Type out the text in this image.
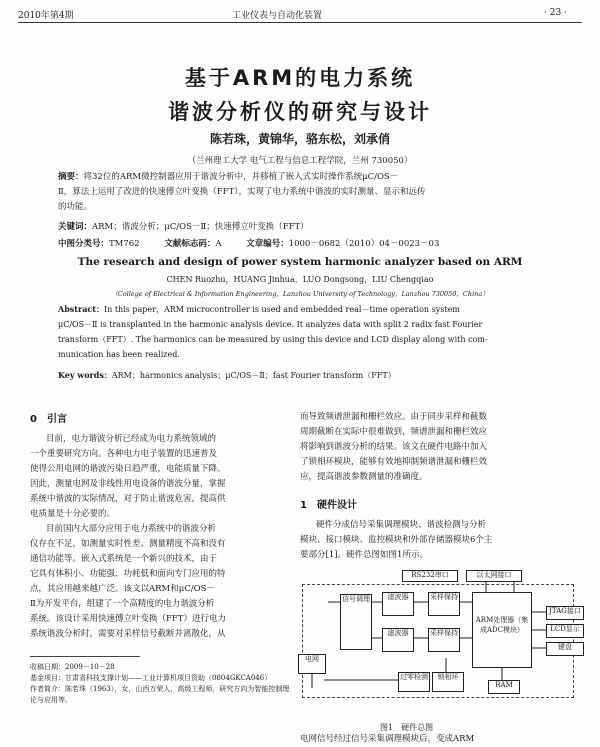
2010年第4期	工业仪表与自动化装置	· 23 ·
基于ARM的电力系统
谐波分析仪的研究与设计
陈若珠，黄锦华，骆东松，刘承俏
（兰州理工大学 电气工程与信息工程学院，兰州 730050）
摘要：将32位的ARM微控制器应用于谐波分析中，并移植了嵌入式实时操作系统μC/OS－
Ⅱ，算法上运用了改进的快速傅立叶变换（FFT），实现了电力系统中谐波的实时测量、显示和远传
的功能。
关键词：ARM；谐波分析；μC/OS－Ⅱ；快速傅立叶变换（FFT）
中图分类号：TM762	文献标志码：A	文章编号：1000－0682（2010）04－0023－03
The research and design of power system harmonic analyzer based on ARM
CHEN Ruozhu，HUANG Jinhua，LUO Dongsong，LIU Chengqiao
（College of Electrical & Information Engineering，Lanzhou University of Technology，Lanzhou 730050，China）
Abstract：In this paper，ARM microcontroller is used and embedded real－time operation system
μC/OS－Ⅱ is transplanted in the harmonic analysis device. It analyzes data with split 2 radix fast Fourier
transform（FFT）. The harmonics can be measured by using this device and LCD display along with com-
munication has been realized.
Key words：ARM；harmonics analysis；μC/OS－Ⅱ；fast Fourier transform（FFT）
0　引言
目前，电力谐波分析已经成为电力系统领域的
一个重要研究方向。各种电力电子装置的迅速普及
使得公用电网的谐波污染日趋严重，电能质量下降。
因此，测量电网及非线性用电设备的谐波分量，掌握
系统中谐波的实际情况，对于防止谐波危害，提高供
电质量是十分必要的。
目前国内大部分应用于电力系统中的谐波分析
仪存在不足，如测量实时性差、测量精度不高和没有
通信功能等。嵌入式系统是一个新兴的技术，由于
它具有体积小、功能强、功耗低和面向专门应用的特
点，其应用越来越广泛。该文以ARM和μC/OS－
Ⅱ为开发平台，组建了一个高精度的电力谐波分析
系统。该设计采用快速傅立叶变换（FFT）进行电力
系统谐波分析时，需要对采样信号截断并离散化，从
收稿日期：2009－10－28
基金项目：甘肃省科技支撑计划——工业计算机项目资助（0804GKCA046）
作者简介：陈若珠（1963），女，山西万荣人，高级工程师，研究方向为智能控制理论与应用等。
而导致频谱泄漏和栅栏效应。由于同步采样和截数
周期截断在实际中很难做到，频谱泄漏和栅栏效应
将影响到谐波分析的结果。该文在硬件电路中加入
了锁相环模块，能够有效地抑制频谱泄漏和栅栏效
应，提高谐波参数测量的准确度。
1　硬件设计
硬件分成信号采集调理模块、谐波检测与分析
模块、接口模块、监控模块和外部存储器模块6个主
要部分[1]。硬件总图如图1所示。
RS232串口	以太网接口
电网
信号调理	滤波器
滤波器
采样保持
采样保持
过零检测	锁相环
ARM处理器（集成ADC模块）
JTAG接口
LCD显示
键盘
RAM
图1　硬件总图
电网信号经过信号采集调理模块后，变成ARM
